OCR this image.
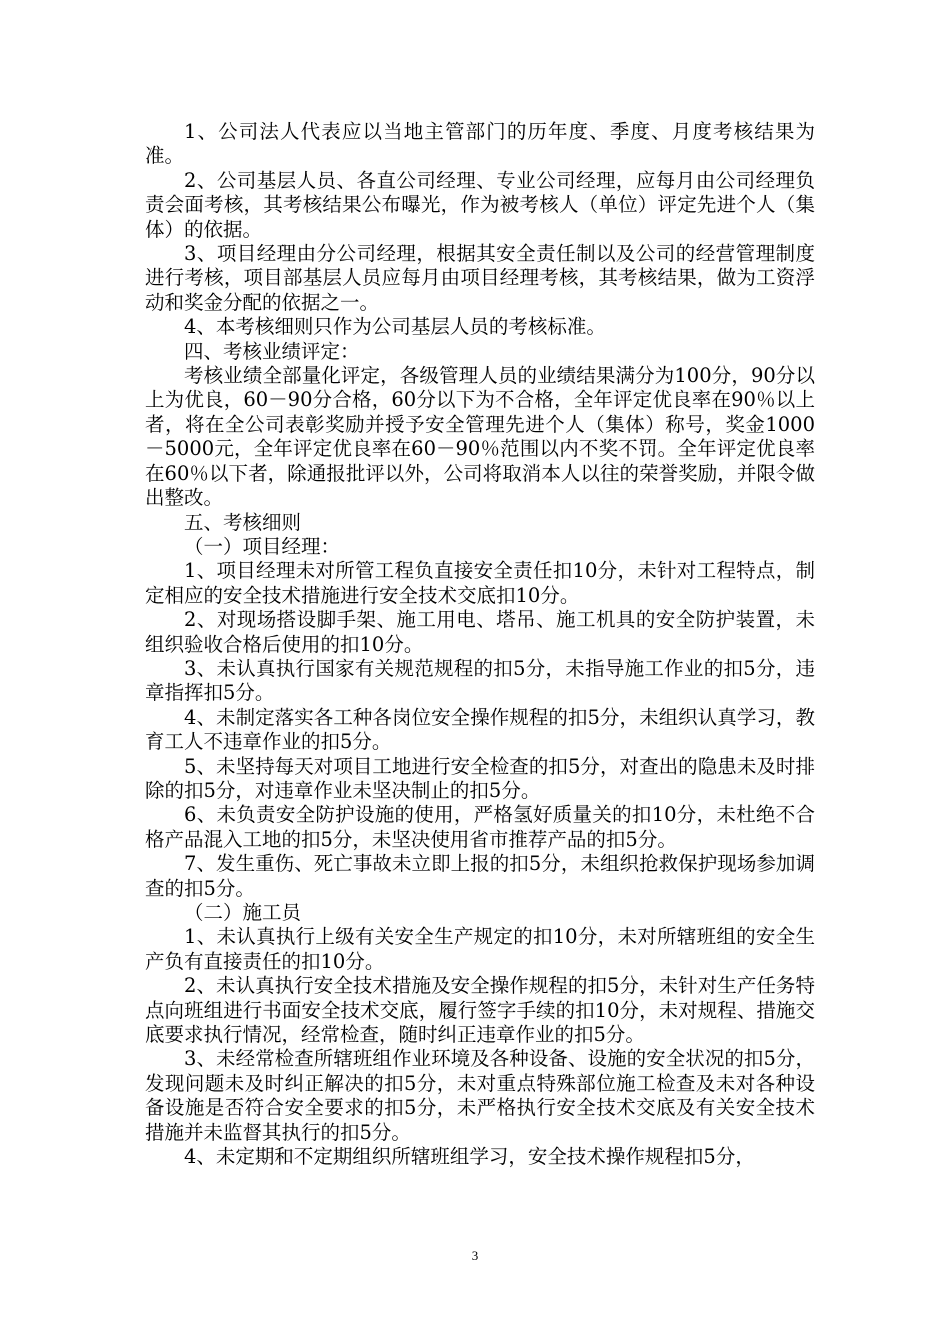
1、公司法人代表应以当地主管部门的历年度、季度、月度考核结果为准。

2、公司基层人员、各直公司经理、专业公司经理，应每月由公司经理负责会面考核，其考核结果公布曝光，作为被考核人（单位）评定先进个人（集体）的依据。

3、项目经理由分公司经理，根据其安全责任制以及公司的经营管理制度进行考核，项目部基层人员应每月由项目经理考核，其考核结果，做为工资浮动和奖金分配的依据之一。

4、本考核细则只作为公司基层人员的考核标准。

四、考核业绩评定：

考核业绩全部量化评定，各级管理人员的业绩结果满分为100分，90分以上为优良，60－90分合格，60分以下为不合格，全年评定优良率在90％以上者，将在全公司表彰奖励并授予安全管理先进个人（集体）称号，奖金1000－5000元，全年评定优良率在60－90％范围以内不奖不罚。全年评定优良率在60％以下者，除通报批评以外，公司将取消本人以往的荣誉奖励，并限令做出整改。

五、考核细则

（一）项目经理：

1、项目经理未对所管工程负直接安全责任扣10分，未针对工程特点，制定相应的安全技术措施进行安全技术交底扣10分。

2、对现场搭设脚手架、施工用电、塔吊、施工机具的安全防护装置，未组织验收合格后使用的扣10分。

3、未认真执行国家有关规范规程的扣5分，未指导施工作业的扣5分，违章指挥扣5分。

4、未制定落实各工种各岗位安全操作规程的扣5分，未组织认真学习，教育工人不违章作业的扣5分。

5、未坚持每天对项目工地进行安全检查的扣5分，对查出的隐患未及时排除的扣5分，对违章作业未坚决制止的扣5分。

6、未负责安全防护设施的使用，严格氢好质量关的扣10分，未杜绝不合格产品混入工地的扣5分，未坚决使用省市推荐产品的扣5分。

7、发生重伤、死亡事故未立即上报的扣5分，未组织抢救保护现场参加调查的扣5分。

（二）施工员

1、未认真执行上级有关安全生产规定的扣10分，未对所辖班组的安全生产负有直接责任的扣10分。

2、未认真执行安全技术措施及安全操作规程的扣5分，未针对生产任务特点向班组进行书面安全技术交底，履行签字手续的扣10分，未对规程、措施交底要求执行情况，经常检查，随时纠正违章作业的扣5分。

3、未经常检查所辖班组作业环境及各种设备、设施的安全状况的扣5分，发现问题未及时纠正解决的扣5分，未对重点特殊部位施工检查及未对各种设备设施是否符合安全要求的扣5分，未严格执行安全技术交底及有关安全技术措施并未监督其执行的扣5分。

4、未定期和不定期组织所辖班组学习，安全技术操作规程扣5分，

3
